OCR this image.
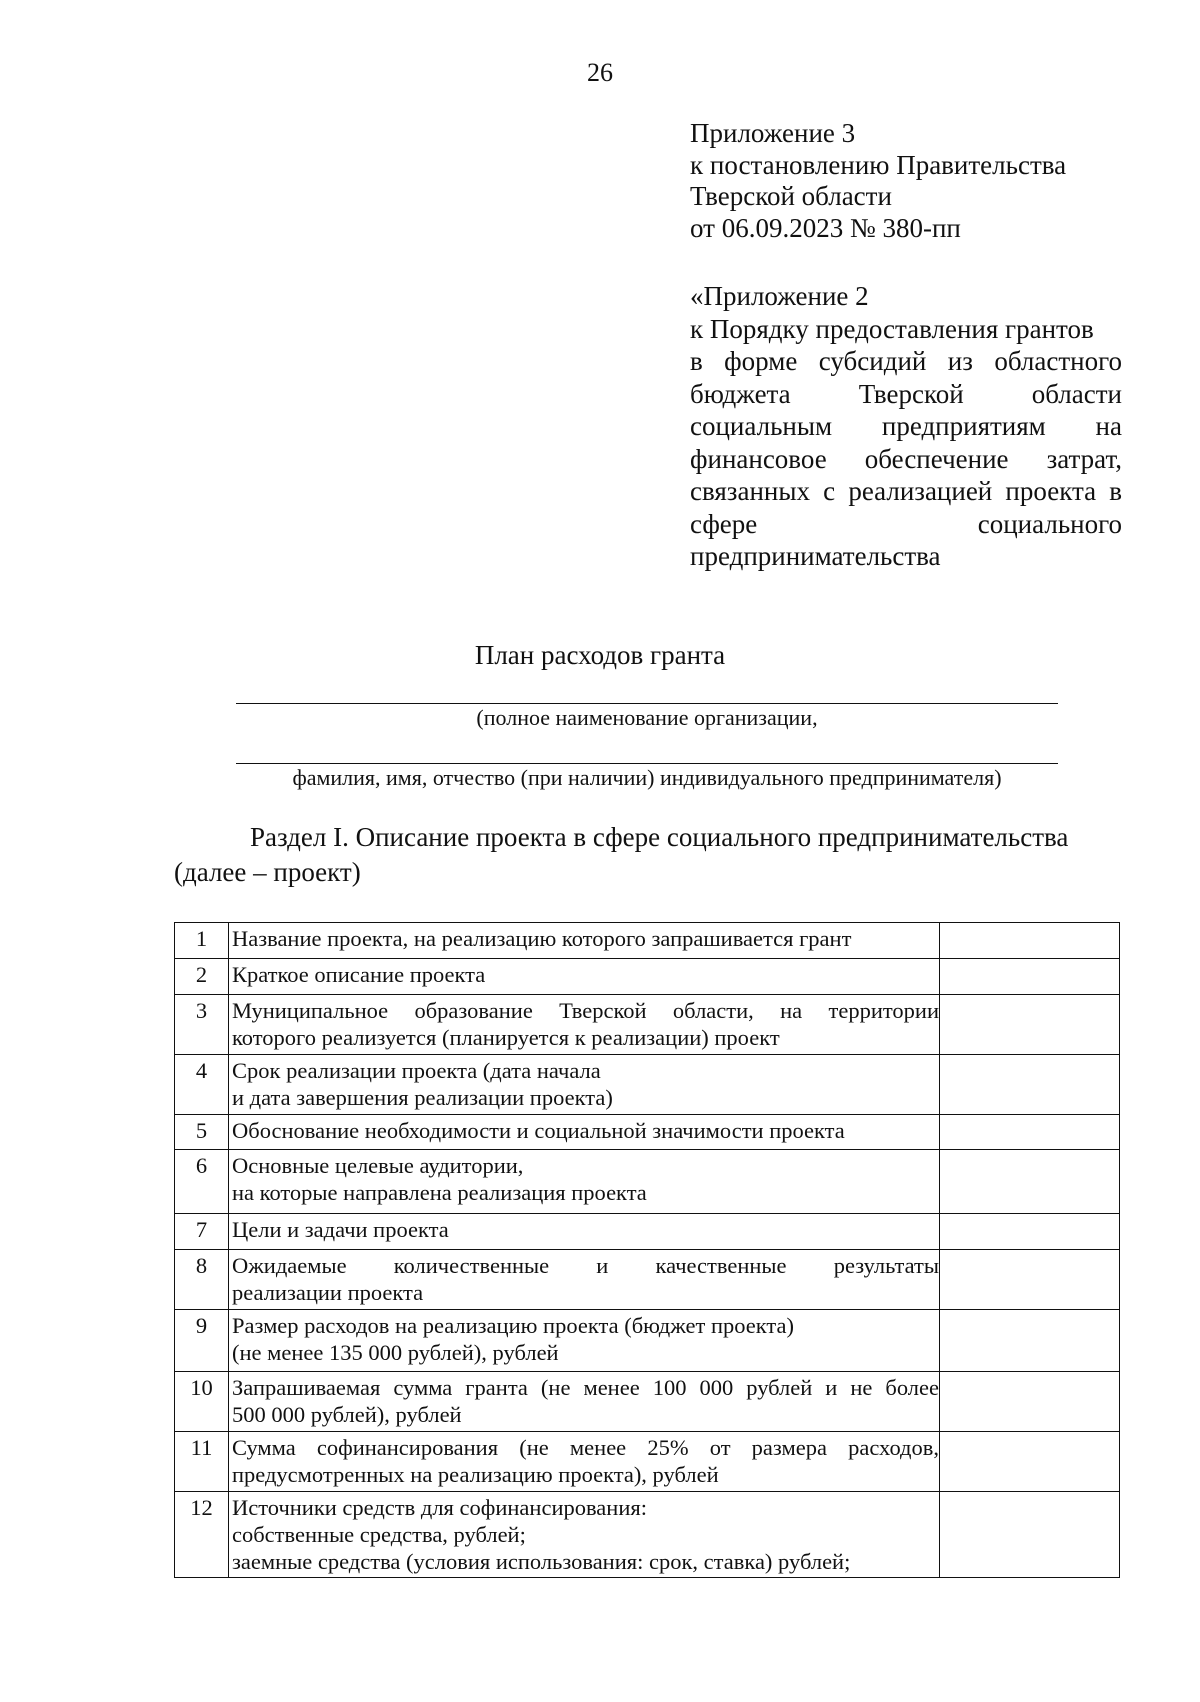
26
Приложение 3
к постановлению Правительства
Тверской области
от 06.09.2023 № 380-пп
«Приложение 2
к Порядку предоставления грантов
в форме субсидий из областного
бюджета Тверской области
социальным предприятиям на
финансовое обеспечение затрат,
связанных с реализацией проекта в
сфере социального
предпринимательства
План расходов гранта
(полное наименование организации,
фамилия, имя, отчество (при наличии) индивидуального предпринимателя)
Раздел I. Описание проекта в сфере социального предпринимательства
(далее – проект)
1	Название проекта, на реализацию которого запрашивается грант	

2	Краткое описание проекта	

3	Муниципальное образование Тверской области, на территории
которого реализуется (планируется к реализации) проект	

4	Срок реализации проекта (дата начала
и дата завершения реализации проекта)	

5	Обоснование необходимости и социальной значимости проекта	

6	Основные целевые аудитории,
на которые направлена реализация проекта	

7	Цели и задачи проекта	

8	Ожидаемые количественные и качественные результаты
реализации проекта	

9	Размер расходов на реализацию проекта (бюджет проекта)
(не менее 135 000 рублей), рублей	

10	Запрашиваемая сумма гранта (не менее 100 000 рублей и не более
500 000 рублей), рублей	

11	Сумма софинансирования (не менее 25% от размера расходов,
предусмотренных на реализацию проекта), рублей	

12	Источники средств для софинансирования:
собственные средства, рублей;
заемные средства (условия использования: срок, ставка) рублей;	
